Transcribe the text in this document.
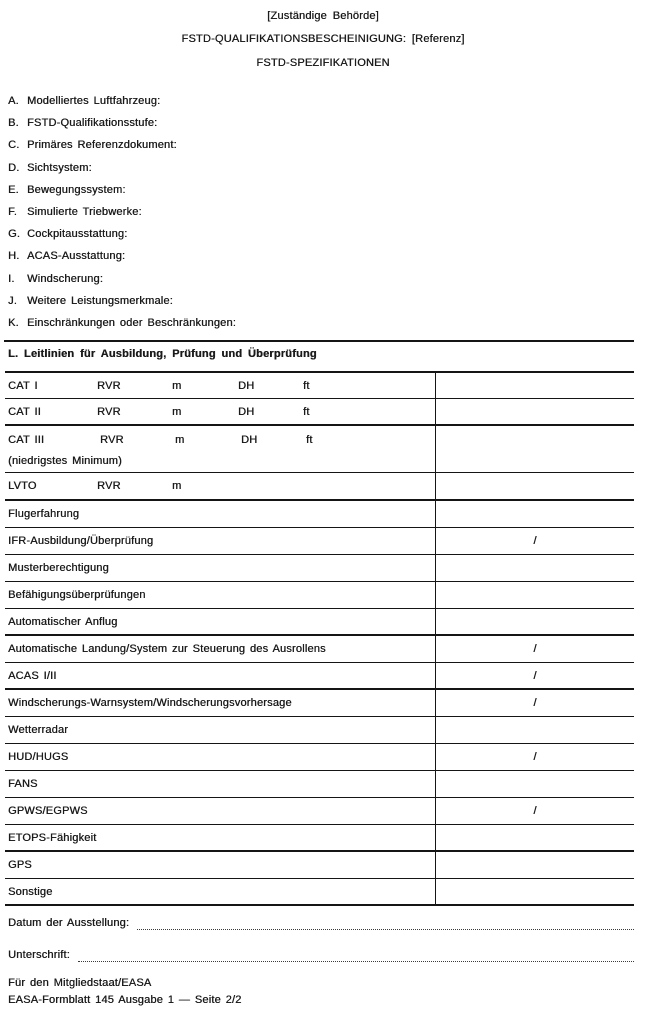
[Zuständige Behörde]
FSTD-QUALIFIKATIONSBESCHEINIGUNG: [Referenz]
FSTD-SPEZIFIKATIONEN
A. Modelliertes Luftfahrzeug:
B. FSTD-Qualifikationsstufe:
C. Primäres Referenzdokument:
D. Sichtsystem:
E. Bewegungssystem:
F. Simulierte Triebwerke:
G. Cockpitausstattung:
H. ACAS-Ausstattung:
I.	Windscherung:
J. Weitere Leistungsmerkmale:
K. Einschränkungen oder Beschränkungen:
L. Leitlinien für Ausbildung, Prüfung und Überprüfung
CAT I	RVR	m	DH	ft
CAT II	RVR	m	DH	ft
CAT III	RVR	m	DH	ft
(niedrigstes Minimum)
LVTO	RVR	m
Flugerfahrung
IFR-Ausbildung/Überprüfung	/
Musterberechtigung
Befähigungsüberprüfungen
Automatischer Anflug
Automatische Landung/System zur Steuerung des Ausrollens	/
ACAS I/II	/
Windscherungs-Warnsystem/Windscherungsvorhersage	/
Wetterradar
HUD/HUGS	/
FANS
GPWS/EGPWS	/
ETOPS-Fähigkeit
GPS
Sonstige
Datum der Ausstellung:
Unterschrift:
Für den Mitgliedstaat/EASA
EASA-Formblatt 145 Ausgabe 1 — Seite 2/2
